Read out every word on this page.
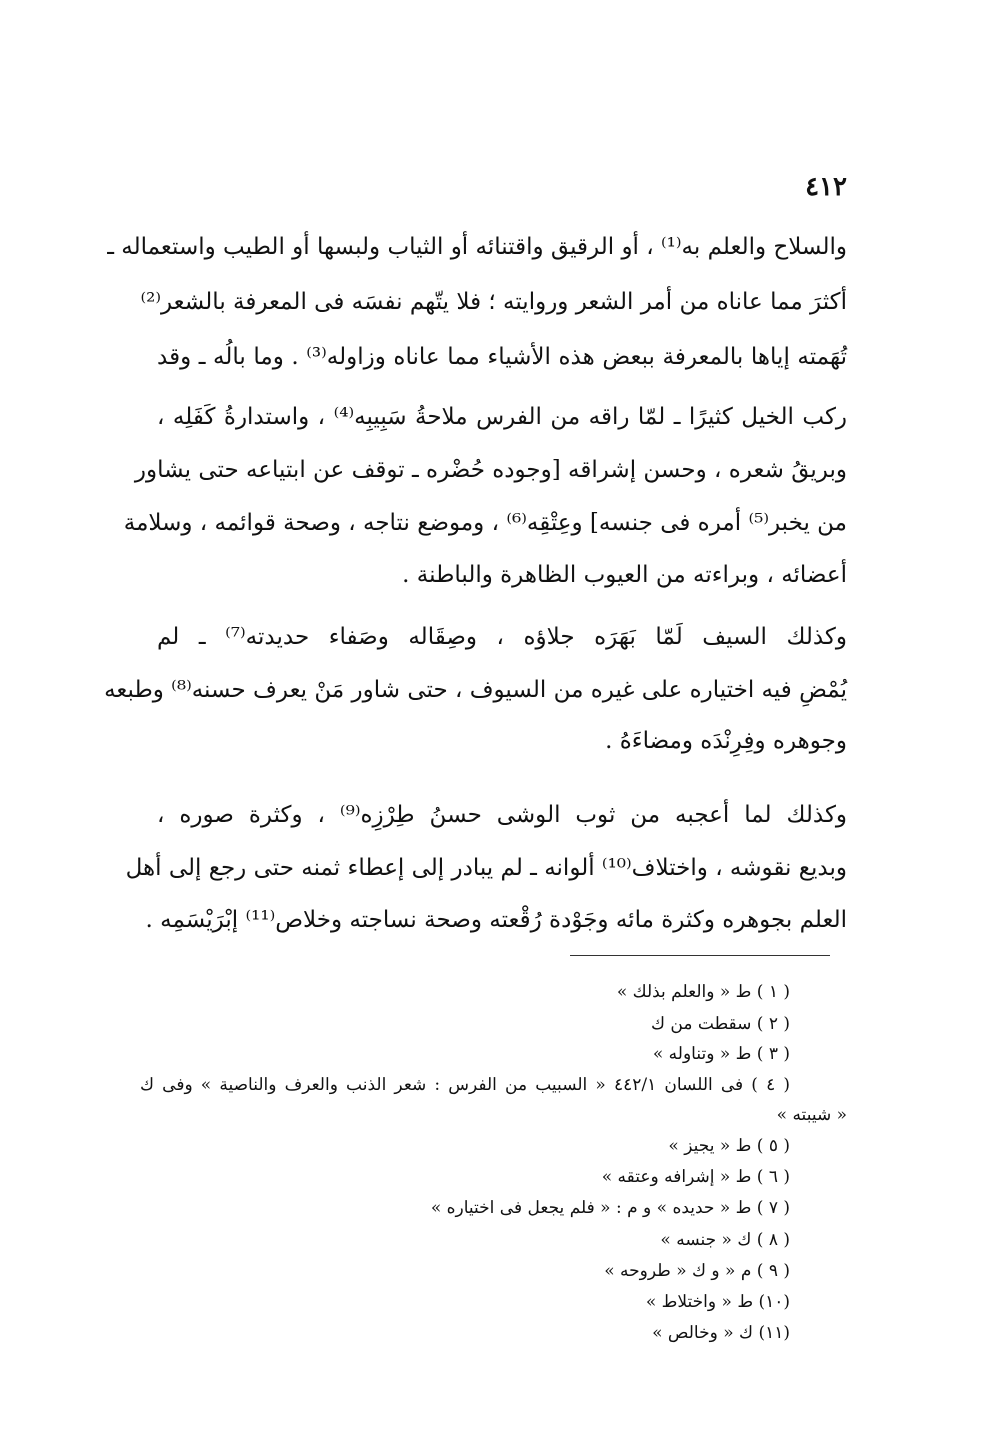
٤١٢
والسلاح والعلم به⁽¹⁾ ، أو الرقيق واقتنائه أو الثياب ولبسها أو الطيب واستعماله ـ
أكثرَ مما عاناه من أمر الشعر وروايته ؛ فلا يتّهم نفسَه فى المعرفة بالشعر⁽²⁾
تُهَمته إياها بالمعرفة ببعض هذه الأشياء مما عاناه وزاوله⁽³⁾ . وما بالُه ـ وقد
ركب الخيل كثيرًا ـ لمّا راقه من الفرس ملاحةُ سَبِيبِه⁽⁴⁾ ، واستدارةُ كَفَلِه ،
وبريقُ شعره ، وحسن إشراقه [وجوده حُضْره ـ توقف عن ابتياعه حتى يشاور
من يخبر⁽⁵⁾ أمره فى جنسه] وعِتْقِه⁽⁶⁾ ، وموضع نتاجه ، وصحة قوائمه ، وسلامة
أعضائه ، وبراءته من العيوب الظاهرة والباطنة .
وكذلك السيف لَمّا بَهَرَه جلاؤه ، وصِقَاله وصَفاء حديدته⁽⁷⁾ ـ لم
يُمْضِ فيه اختياره على غيره من السيوف ، حتى شاور مَنْ يعرف حسنه⁽⁸⁾ وطبعه
وجوهره وفِرِنْدَه ومضاءَهُ .
وكذلك لما أعجبه من ثوب الوشى حسنُ طِرْزِه⁽⁹⁾ ، وكثرة صوره ،
وبديع نقوشه ، واختلاف⁽¹⁰⁾ ألوانه ـ لم يبادر إلى إعطاء ثمنه حتى رجع إلى أهل
العلم بجوهره وكثرة مائه وجَوْدة رُقْعته وصحة نساجته وخلاص⁽¹¹⁾ إبْرَيْسَمِه .
( ١ ) ط « والعلم بذلك »
( ٢ ) سقطت من ك
( ٣ ) ط « وتناوله »
( ٤ ) فى اللسان ٤٤٢/١ « السبيب من الفرس : شعر الذنب والعرف والناصية » وفى ك
« شيبته »
( ٥ ) ط « يجيز »
( ٦ ) ط « إشرافه وعتقه »
( ٧ ) ط « حديده » و م : « فلم يجعل فى اختياره »
( ٨ ) ك « جنسه »
( ٩ ) م « و ك « طروحه »
(١٠) ط « واختلاط »
(١١) ك « وخالص »
